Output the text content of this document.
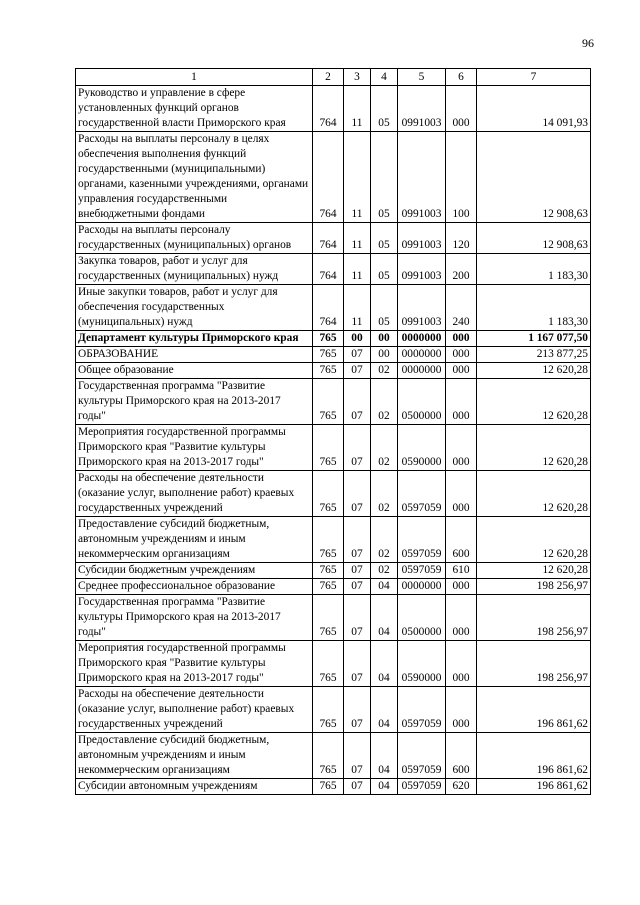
96
1	2	3	4	5	6	7
Руководство и управление в сфере установленных функций органов государственной власти Приморского края	764	11	05	0991003	000	14 091,93
Расходы на выплаты персоналу в целях обеспечения выполнения функций государственными (муниципальными) органами, казенными учреждениями, органами управления государственными внебюджетными фондами	764	11	05	0991003	100	12 908,63
Расходы на выплаты персоналу государственных (муниципальных) органов	764	11	05	0991003	120	12 908,63
Закупка товаров, работ и услуг для государственных (муниципальных) нужд	764	11	05	0991003	200	1 183,30
Иные закупки товаров, работ и услуг для обеспечения государственных (муниципальных) нужд	764	11	05	0991003	240	1 183,30
Департамент культуры Приморского края	765	00	00	0000000	000	1 167 077,50
ОБРАЗОВАНИЕ	765	07	00	0000000	000	213 877,25
Общее образование	765	07	02	0000000	000	12 620,28
Государственная программа "Развитие культуры Приморского края на 2013-2017 годы"	765	07	02	0500000	000	12 620,28
Мероприятия государственной программы Приморского края "Развитие культуры Приморского края на 2013-2017 годы"	765	07	02	0590000	000	12 620,28
Расходы на обеспечение деятельности (оказание услуг, выполнение работ) краевых государственных учреждений	765	07	02	0597059	000	12 620,28
Предоставление субсидий бюджетным, автономным учреждениям и иным некоммерческим организациям	765	07	02	0597059	600	12 620,28
Субсидии бюджетным учреждениям	765	07	02	0597059	610	12 620,28
Среднее профессиональное образование	765	07	04	0000000	000	198 256,97
Государственная программа "Развитие культуры Приморского края на 2013-2017 годы"	765	07	04	0500000	000	198 256,97
Мероприятия государственной программы Приморского края "Развитие культуры Приморского края на 2013-2017 годы"	765	07	04	0590000	000	198 256,97
Расходы на обеспечение деятельности (оказание услуг, выполнение работ) краевых государственных учреждений	765	07	04	0597059	000	196 861,62
Предоставление субсидий бюджетным, автономным учреждениям и иным некоммерческим организациям	765	07	04	0597059	600	196 861,62
Субсидии автономным учреждениям	765	07	04	0597059	620	196 861,62
